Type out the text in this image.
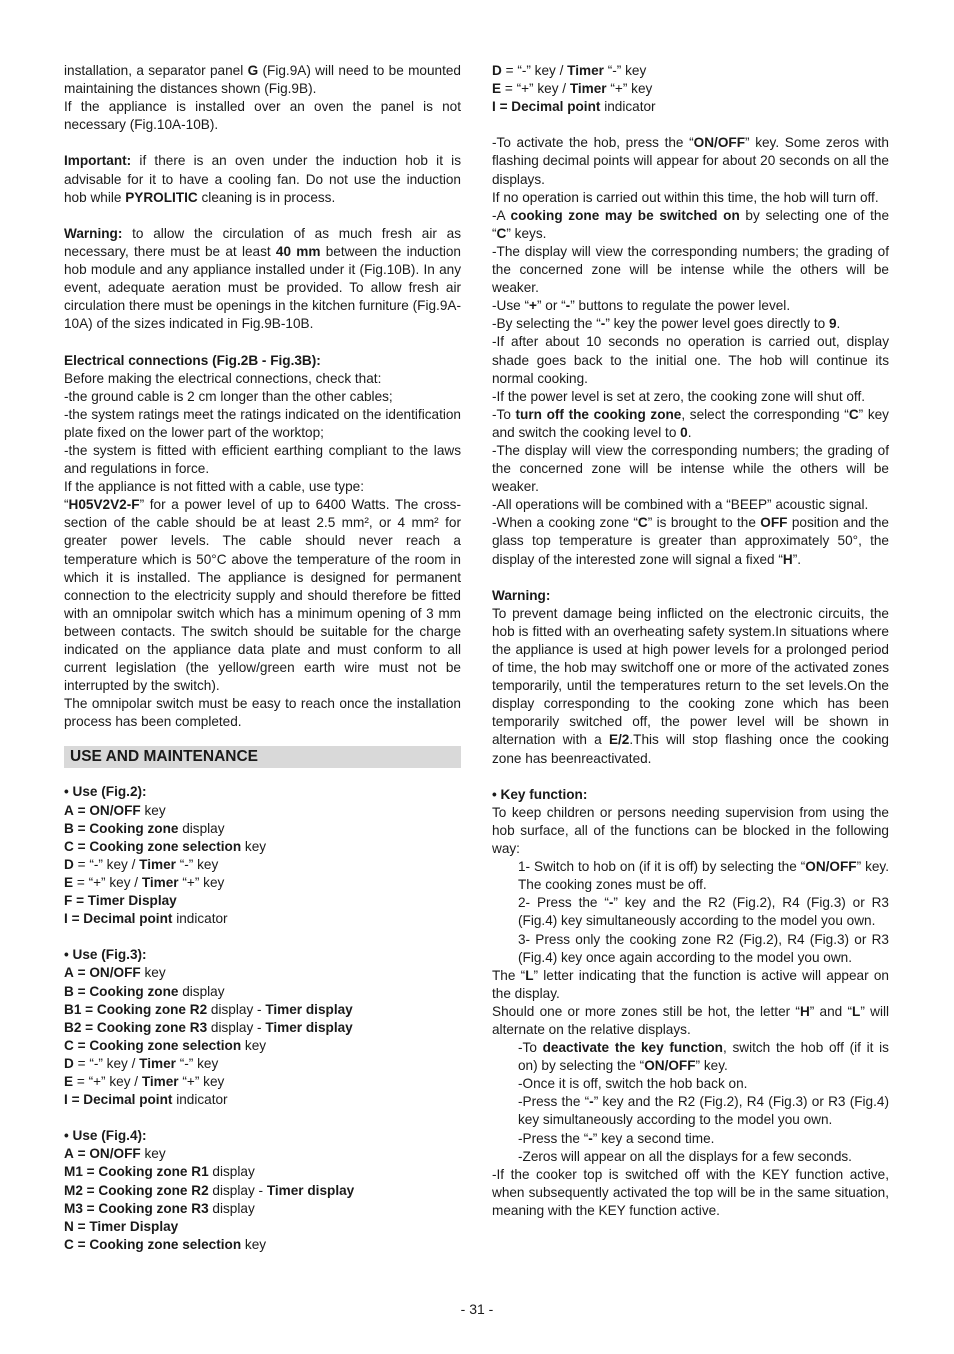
installation, a separator panel G (Fig.9A) will need to be mounted maintaining the distances shown (Fig.9B).

If the appliance is installed over an oven the panel is not necessary (Fig.10A-10B).

Important: if there is an oven under the induction hob it is advisable for it to have a cooling fan. Do not use the induction hob while PYROLITIC cleaning is in process.

Warning: to allow the circulation of as much fresh air as necessary, there must be at least 40 mm between the induction hob module and any appliance installed under it (Fig.10B). In any event, adequate aeration must be provided. To allow fresh air circulation there must be openings in the kitchen furniture (Fig.9A-10A) of the sizes indicated in Fig.9B-10B.

Electrical connections (Fig.2B - Fig.3B):

Before making the electrical connections, check that:

-the ground cable is 2 cm longer than the other cables;

-the system ratings meet the ratings indicated on the identification plate fixed on the lower part of the worktop;

-the system is fitted with efficient earthing compliant to the laws and regulations in force.

If the appliance is not fitted with a cable, use type:

“H05V2V2-F” for a power level of up to 6400 Watts. The cross-section of the cable should be at least 2.5 mm², or 4 mm² for greater power levels. The cable should never reach a temperature which is 50°C above the temperature of the room in which it is installed. The appliance is designed for permanent connection to the electricity supply and should therefore be fitted with an omnipolar switch which has a minimum opening of 3 mm between contacts. The switch should be suitable for the charge indicated on the appliance data plate and must conform to all current legislation (the yellow/green earth wire must not be interrupted by the switch).

The omnipolar switch must be easy to reach once the installation process has been completed.

USE AND MAINTENANCE

• Use (Fig.2):

A = ON/OFF key
B = Cooking zone display
C = Cooking zone selection key
D = “-” key / Timer “-” key
E = “+” key / Timer “+” key
F = Timer Display
I = Decimal point indicator

• Use (Fig.3):

A = ON/OFF key
B = Cooking zone display
B1 = Cooking zone R2 display - Timer display
B2 = Cooking zone R3 display - Timer display
C = Cooking zone selection key
D = “-” key / Timer “-” key
E = “+” key / Timer “+” key
I = Decimal point indicator

• Use (Fig.4):

A = ON/OFF key
M1 = Cooking zone R1 display
M2 = Cooking zone R2 display - Timer display
M3 = Cooking zone R3 display
N = Timer Display
C = Cooking zone selection key
D = “-” key / Timer “-” key
E = “+” key / Timer “+” key
I = Decimal point indicator

-To activate the hob, press the “ON/OFF” key. Some zeros with flashing decimal points will appear for about 20 seconds on all the displays.

If no operation is carried out within this time, the hob will turn off.

-A cooking zone may be switched on by selecting one of the “C” keys.

-The display will view the corresponding numbers; the grading of the concerned zone will be intense while the others will be weaker.

-Use “+” or “-” buttons to regulate the power level.

-By selecting the “-” key the power level goes directly to 9.

-If after about 10 seconds no operation is carried out, display shade goes back to the initial one. The hob will continue its normal cooking.

-If the power level is set at zero, the cooking zone will shut off.

-To turn off the cooking zone, select the corresponding “C” key and switch the cooking level to 0.

-The display will view the corresponding numbers; the grading of the concerned zone will be intense while the others will be weaker.

-All operations will be combined with a “BEEP” acoustic signal.

-When a cooking zone “C” is brought to the OFF position and the glass top temperature is greater than approximately 50°, the display of the interested zone will signal a fixed “H”.

Warning:

To prevent damage being inflicted on the electronic circuits, the hob is fitted with an overheating safety system.In situations where the appliance is used at high power levels for a prolonged period of time, the hob may switchoff one or more of the activated zones temporarily, until the temperatures return to the set levels.On the display corresponding to the cooking zone which has been temporarily switched off, the power level will be shown in alternation with a E/2.This will stop flashing once the cooking zone has beenreactivated.

• Key function:

To keep children or persons needing supervision from using the hob surface, all of the functions can be blocked in the following way:

1- Switch to hob on (if it is off) by selecting the “ON/OFF” key. The cooking zones must be off.

2- Press the “-” key and the R2 (Fig.2), R4 (Fig.3) or R3 (Fig.4) key simultaneously according to the model you own.

3- Press only the cooking zone R2 (Fig.2), R4 (Fig.3) or R3 (Fig.4) key once again according to the model you own.

The “L” letter indicating that the function is active will appear on the display.

Should one or more zones still be hot, the letter “H” and “L” will alternate on the relative displays.

-To deactivate the key function, switch the hob off (if it is on) by selecting the “ON/OFF” key.

-Once it is off, switch the hob back on.

-Press the “-” key and the R2 (Fig.2), R4 (Fig.3) or R3 (Fig.4) key simultaneously according to the model you own.

-Press the “-” key a second time.

-Zeros will appear on all the displays for a few seconds.

-If the cooker top is switched off with the KEY function active, when subsequently activated the top will be in the same situation, meaning with the KEY function active.

- 31 -
